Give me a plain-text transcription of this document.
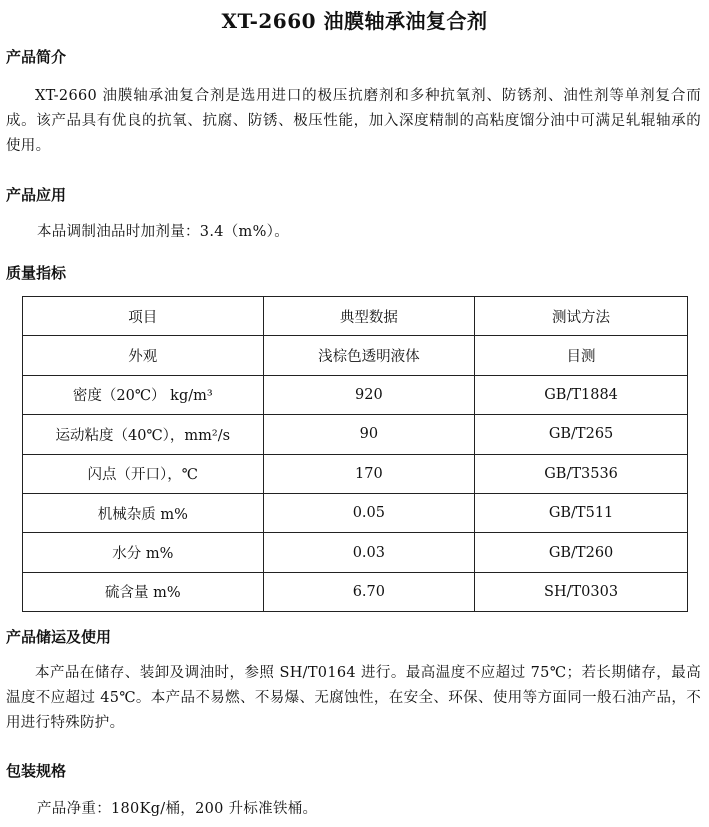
XT-2660 油膜轴承油复合剂
产品简介
XT-2660 油膜轴承油复合剂是选用进口的极压抗磨剂和多种抗氧剂、防锈剂、油性剂等单剂复合而成。该产品具有优良的抗氧、抗腐、防锈、极压性能，加入深度精制的高粘度馏分油中可满足轧辊轴承的使用。
产品应用
本品调制油品时加剂量：3.4（m%）。
质量指标
项目	典型数据	测试方法
外观	浅棕色透明液体	目测
密度（20℃） kg/m³	920	GB/T1884
运动粘度（40℃），mm²/s	90	GB/T265
闪点（开口），℃	170	GB/T3536
机械杂质 m%	0.05	GB/T511
水分 m%	0.03	GB/T260
硫含量 m%	6.70	SH/T0303
产品储运及使用
本产品在储存、装卸及调油时，参照 SH/T0164 进行。最高温度不应超过 75℃；若长期储存，最高温度不应超过 45℃。本产品不易燃、不易爆、无腐蚀性，在安全、环保、使用等方面同一般石油产品，不用进行特殊防护。
包装规格
产品净重：180Kg/桶，200 升标准铁桶。
